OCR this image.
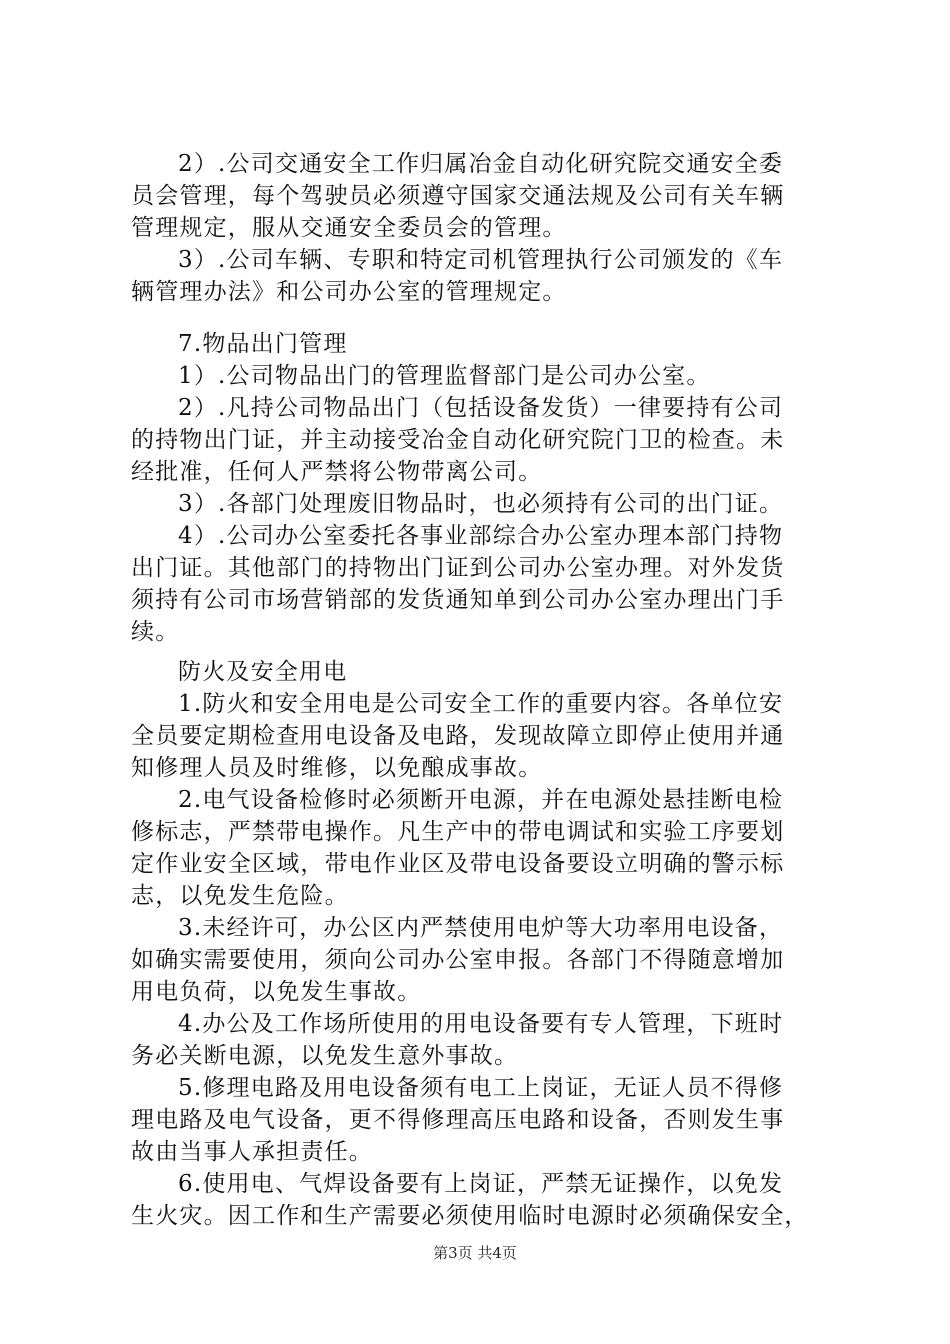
2）.公司交通安全工作归属冶金自动化研究院交通安全委
员会管理，每个驾驶员必须遵守国家交通法规及公司有关车辆
管理规定，服从交通安全委员会的管理。
3）.公司车辆、专职和特定司机管理执行公司颁发的《车
辆管理办法》和公司办公室的管理规定。
7.物品出门管理
1）.公司物品出门的管理监督部门是公司办公室。
2）.凡持公司物品出门（包括设备发货）一律要持有公司
的持物出门证，并主动接受冶金自动化研究院门卫的检查。未
经批准，任何人严禁将公物带离公司。
3）.各部门处理废旧物品时，也必须持有公司的出门证。
4）.公司办公室委托各事业部综合办公室办理本部门持物
出门证。其他部门的持物出门证到公司办公室办理。对外发货
须持有公司市场营销部的发货通知单到公司办公室办理出门手
续。
防火及安全用电
1.防火和安全用电是公司安全工作的重要内容。各单位安
全员要定期检查用电设备及电路，发现故障立即停止使用并通
知修理人员及时维修，以免酿成事故。
2.电气设备检修时必须断开电源，并在电源处悬挂断电检
修标志，严禁带电操作。凡生产中的带电调试和实验工序要划
定作业安全区域，带电作业区及带电设备要设立明确的警示标
志，以免发生危险。
3.未经许可，办公区内严禁使用电炉等大功率用电设备，
如确实需要使用，须向公司办公室申报。各部门不得随意增加
用电负荷，以免发生事故。
4.办公及工作场所使用的用电设备要有专人管理，下班时
务必关断电源，以免发生意外事故。
5.修理电路及用电设备须有电工上岗证，无证人员不得修
理电路及电气设备，更不得修理高压电路和设备，否则发生事
故由当事人承担责任。
6.使用电、气焊设备要有上岗证，严禁无证操作，以免发
生火灾。因工作和生产需要必须使用临时电源时必须确保安全，
第3页 共4页
